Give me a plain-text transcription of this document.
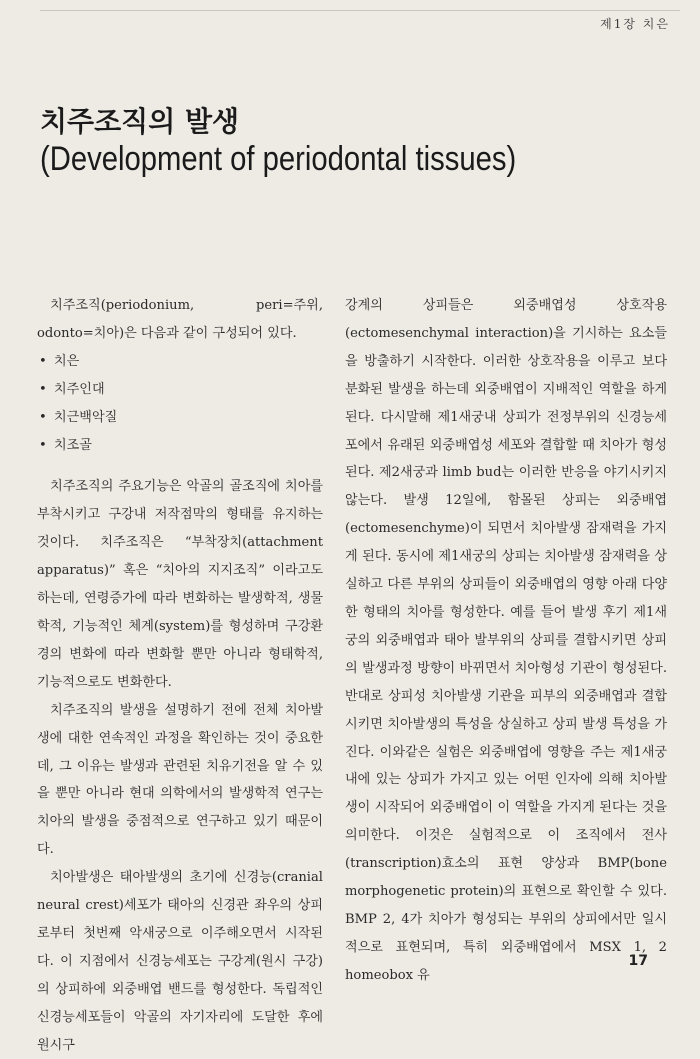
제1장 치은
치주조직의 발생
(Development of periodontal tissues)

치주조직(periodonium, peri=주위, odonto=치아)은 다음과 같이 구성되어 있다.

• 치은
• 치주인대
• 치근백악질
• 치조골

치주조직의 주요기능은 악골의 골조직에 치아를 부착시키고 구강내 저작점막의 형태를 유지하는 것이다. 치주조직은 “부착장치(attachment apparatus)” 혹은 “치아의 지지조직” 이라고도 하는데, 연령증가에 따라 변화하는 발생학적, 생물학적, 기능적인 체계(system)를 형성하며 구강환경의 변화에 따라 변화할 뿐만 아니라 형태학적, 기능적으로도 변화한다.

치주조직의 발생을 설명하기 전에 전체 치아발생에 대한 연속적인 과정을 확인하는 것이 중요한데, 그 이유는 발생과 관련된 치유기전을 알 수 있을 뿐만 아니라 현대 의학에서의 발생학적 연구는 치아의 발생을 중점적으로 연구하고 있기 때문이다.

치아발생은 태아발생의 초기에 신경능(cranial neural crest)세포가 태아의 신경관 좌우의 상피로부터 첫번째 악새궁으로 이주해오면서 시작된다. 이 지점에서 신경능세포는 구강계(원시 구강)의 상피하에 외중배엽 밴드를 형성한다. 독립적인 신경능세포들이 악골의 자기자리에 도달한 후에 원시구

강계의 상피들은 외중배엽성 상호작용(ectomesenchymal interaction)을 기시하는 요소들을 방출하기 시작한다. 이러한 상호작용을 이루고 보다 분화된 발생을 하는데 외중배엽이 지배적인 역할을 하게 된다. 다시말해 제1새궁내 상피가 전정부위의 신경능세포에서 유래된 외중배엽성 세포와 결합할 때 치아가 형성된다. 제2새궁과 limb bud는 이러한 반응을 야기시키지 않는다. 발생 12일에, 함몰된 상피는 외중배엽(ectomesenchyme)이 되면서 치아발생 잠재력을 가지게 된다. 동시에 제1새궁의 상피는 치아발생 잠재력을 상실하고 다른 부위의 상피들이 외중배엽의 영향 아래 다양한 형태의 치아를 형성한다. 예를 들어 발생 후기 제1새궁의 외중배엽과 태아 발부위의 상피를 결합시키면 상피의 발생과정 방향이 바뀌면서 치아형성 기관이 형성된다. 반대로 상피성 치아발생 기관을 피부의 외중배엽과 결합시키면 치아발생의 특성을 상실하고 상피 발생 특성을 가진다. 이와같은 실험은 외중배엽에 영향을 주는 제1새궁내에 있는 상피가 가지고 있는 어떤 인자에 의해 치아발생이 시작되어 외중배엽이 이 역할을 가지게 된다는 것을 의미한다. 이것은 실험적으로 이 조직에서 전사(transcription)효소의 표현 양상과 BMP(bone morphogenetic protein)의 표현으로 확인할 수 있다. BMP 2, 4가 치아가 형성되는 부위의 상피에서만 일시적으로 표현되며, 특히 외중배엽에서 MSX 1, 2 homeobox 유

17
